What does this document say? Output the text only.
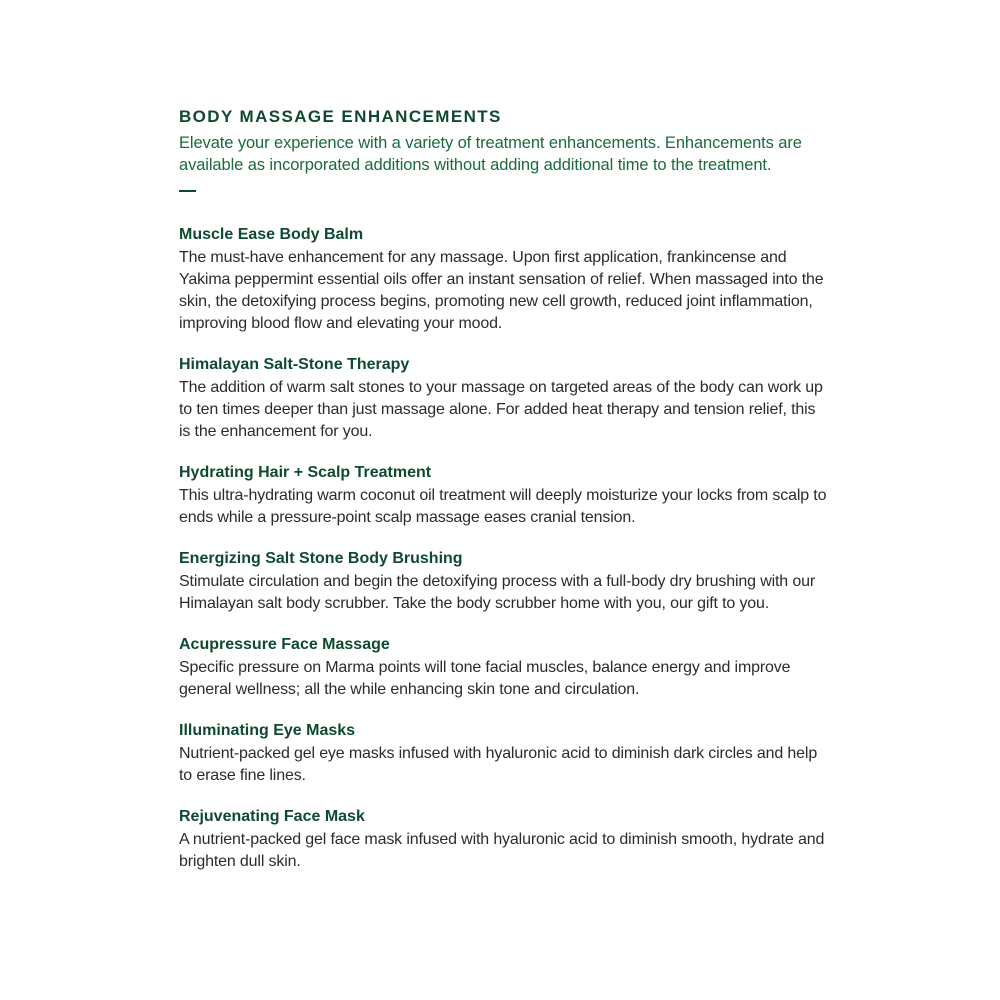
BODY MASSAGE ENHANCEMENTS

Elevate your experience with a variety of treatment enhancements. Enhancements are available as incorporated additions without adding additional time to the treatment.

Muscle Ease Body Balm

The must-have enhancement for any massage. Upon first application, frankincense and Yakima peppermint essential oils offer an instant sensation of relief. When massaged into the skin, the detoxifying process begins, promoting new cell growth, reduced joint inflammation, improving blood flow and elevating your mood.

Himalayan Salt-Stone Therapy

The addition of warm salt stones to your massage on targeted areas of the body can work up to ten times deeper than just massage alone. For added heat therapy and tension relief, this is the enhancement for you.

Hydrating Hair + Scalp Treatment

This ultra-hydrating warm coconut oil treatment will deeply moisturize your locks from scalp to ends while a pressure-point scalp massage eases cranial tension.

Energizing Salt Stone Body Brushing

Stimulate circulation and begin the detoxifying process with a full-body dry brushing with our Himalayan salt body scrubber. Take the body scrubber home with you, our gift to you.

Acupressure Face Massage

Specific pressure on Marma points will tone facial muscles, balance energy and improve general wellness; all the while enhancing skin tone and circulation.

Illuminating Eye Masks

Nutrient-packed gel eye masks infused with hyaluronic acid to diminish dark circles and help to erase fine lines.

Rejuvenating Face Mask

A nutrient-packed gel face mask infused with hyaluronic acid to diminish smooth, hydrate and brighten dull skin.
